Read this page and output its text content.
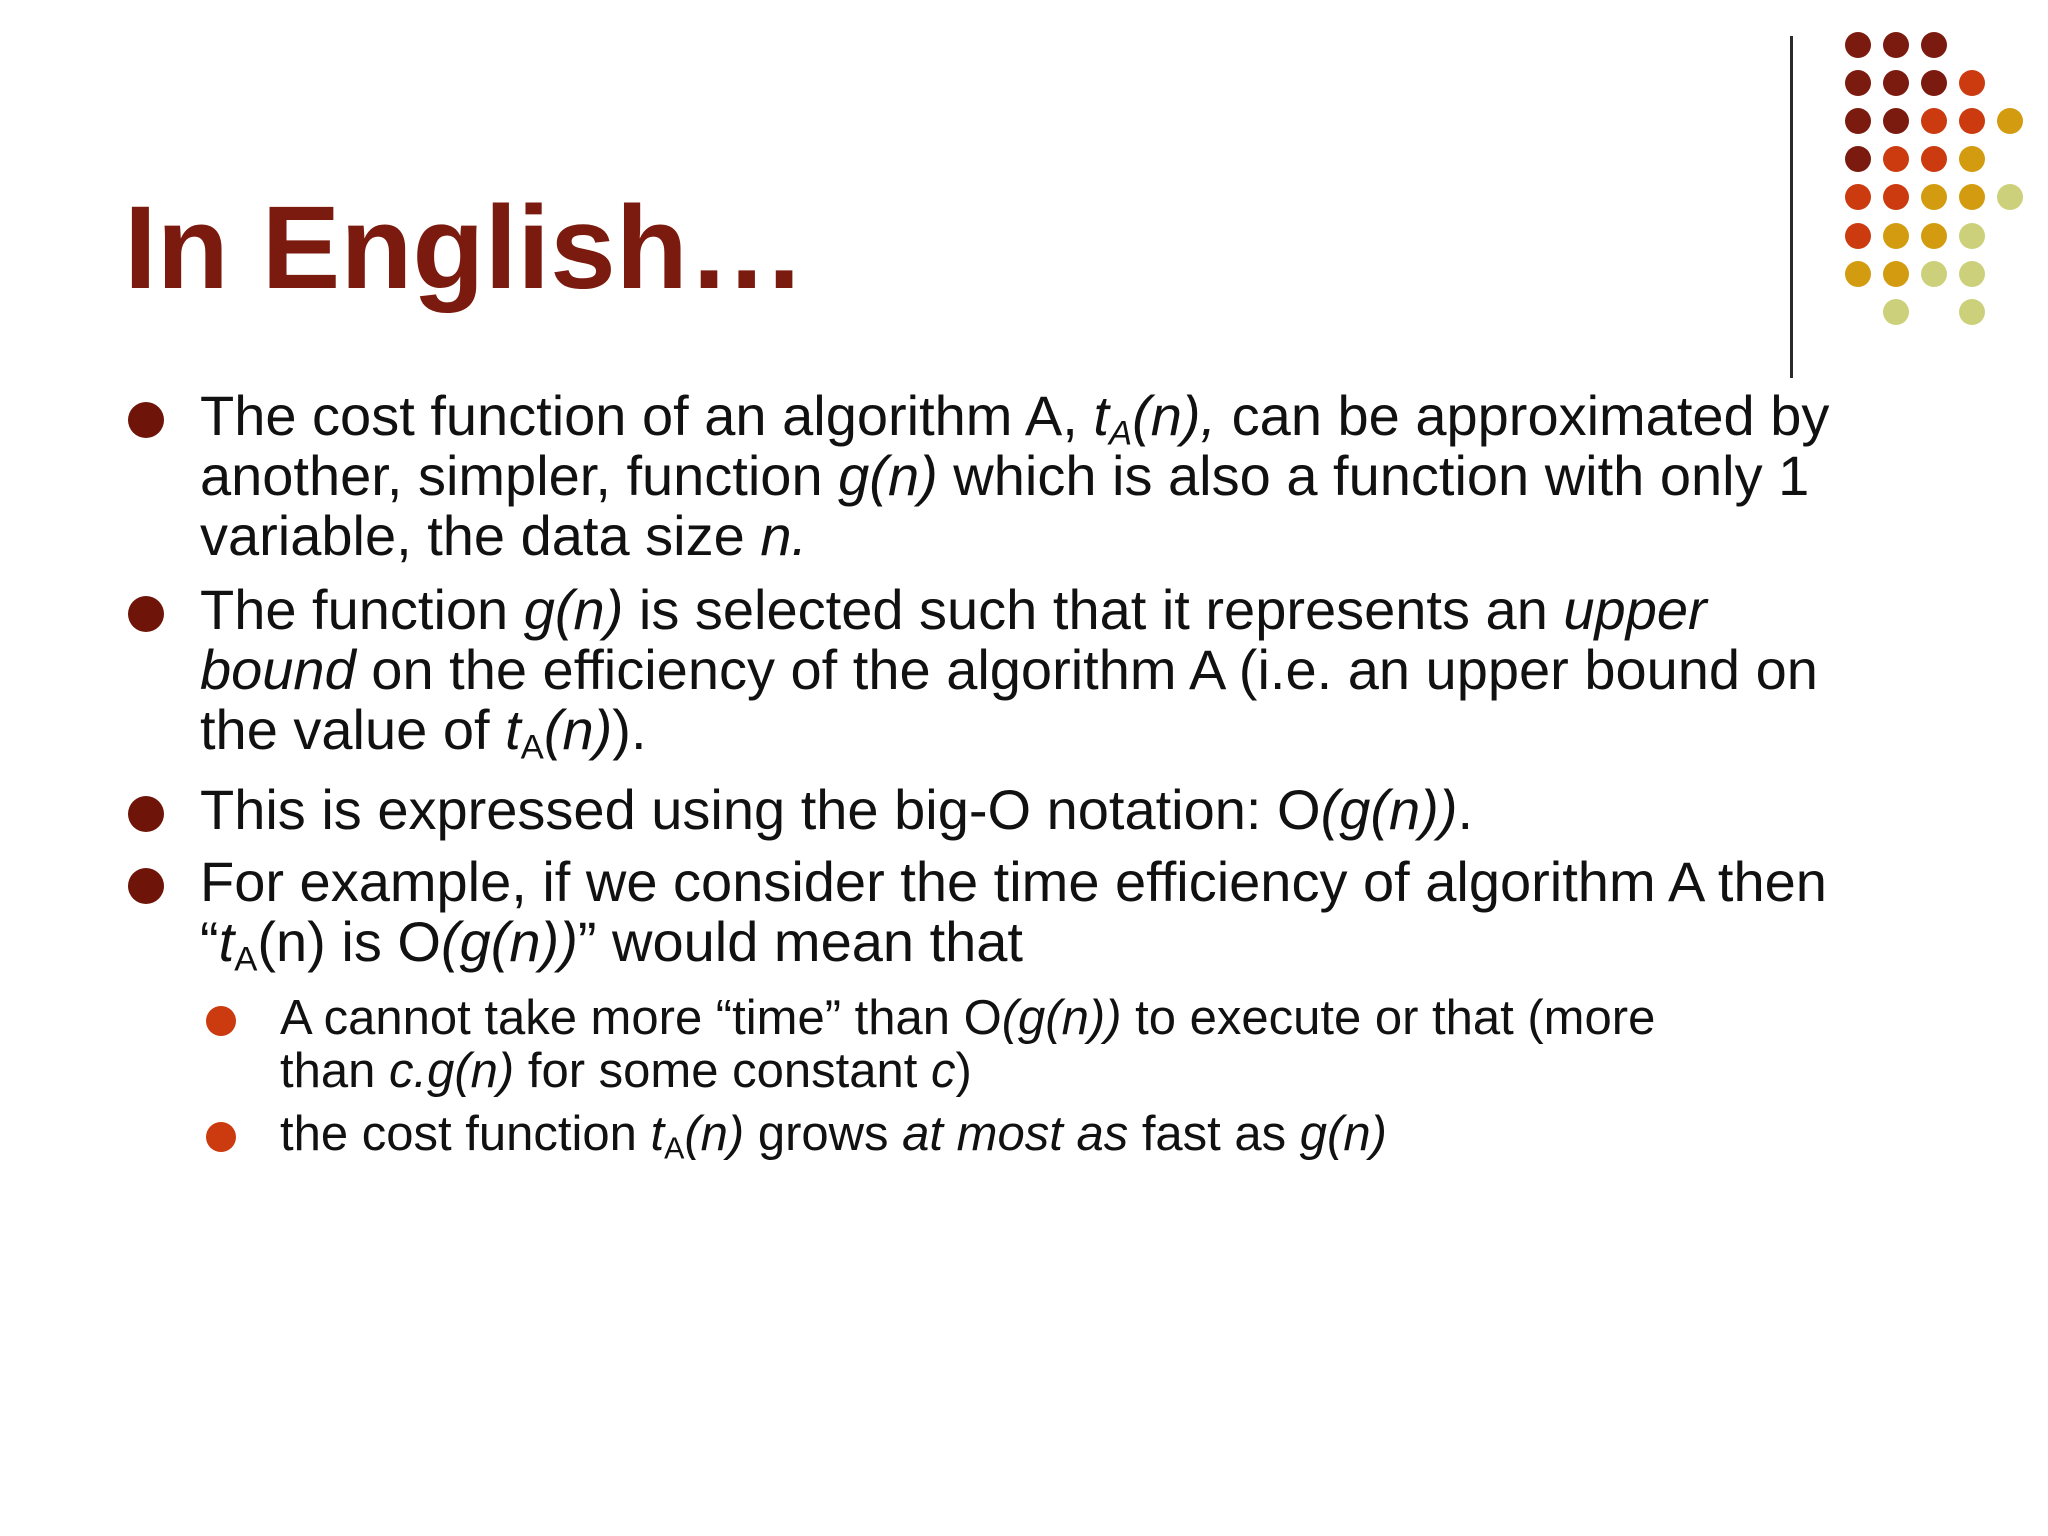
In English…

The cost function of an algorithm A, $t_A(n)$, can be approximated by another, simpler, function g(n) which is also a function with only 1 variable, the data size n.

The function g(n) is selected such that it represents an upper bound on the efficiency of the algorithm A (i.e. an upper bound on the value of $t_A(n)$).

This is expressed using the big-O notation: O(g(n)).

For example, if we consider the time efficiency of algorithm A then “$t_A(n)$ is O(g(n))” would mean that

A cannot take more “time” than O(g(n)) to execute or that (more than c.g(n) for some constant c)

the cost function $t_A(n)$ grows at most as fast as g(n)
